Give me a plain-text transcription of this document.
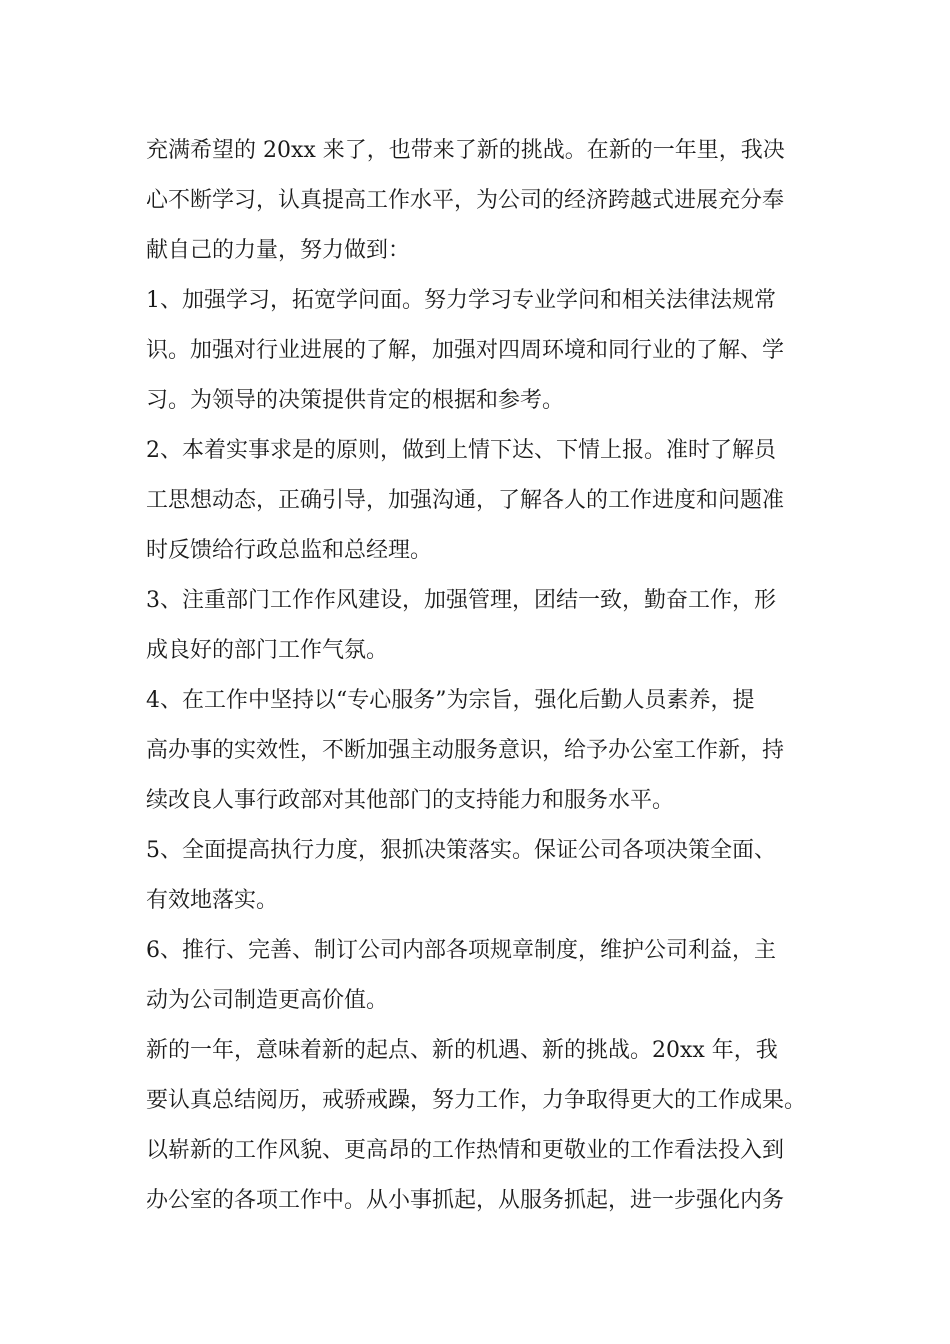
充满希望的 20xx 来了，也带来了新的挑战。在新的一年里，我决

心不断学习，认真提高工作水平，为公司的经济跨越式进展充分奉

献自己的力量，努力做到：

1、加强学习，拓宽学问面。努力学习专业学问和相关法律法规常

识。加强对行业进展的了解，加强对四周环境和同行业的了解、学

习。为领导的决策提供肯定的根据和参考。

2、本着实事求是的原则，做到上情下达、下情上报。准时了解员

工思想动态，正确引导，加强沟通，了解各人的工作进度和问题准

时反馈给行政总监和总经理。

3、注重部门工作作风建设，加强管理，团结一致，勤奋工作，形

成良好的部门工作气氛。

4、在工作中坚持以“专心服务”为宗旨，强化后勤人员素养，提

高办事的实效性，不断加强主动服务意识，给予办公室工作新，持

续改良人事行政部对其他部门的支持能力和服务水平。

5、全面提高执行力度，狠抓决策落实。保证公司各项决策全面、

有效地落实。

6、推行、完善、制订公司内部各项规章制度，维护公司利益，主

动为公司制造更高价值。

新的一年，意味着新的起点、新的机遇、新的挑战。20xx 年，我

要认真总结阅历，戒骄戒躁，努力工作，力争取得更大的工作成果。

以崭新的工作风貌、更高昂的工作热情和更敬业的工作看法投入到

办公室的各项工作中。从小事抓起，从服务抓起，进一步强化内务
